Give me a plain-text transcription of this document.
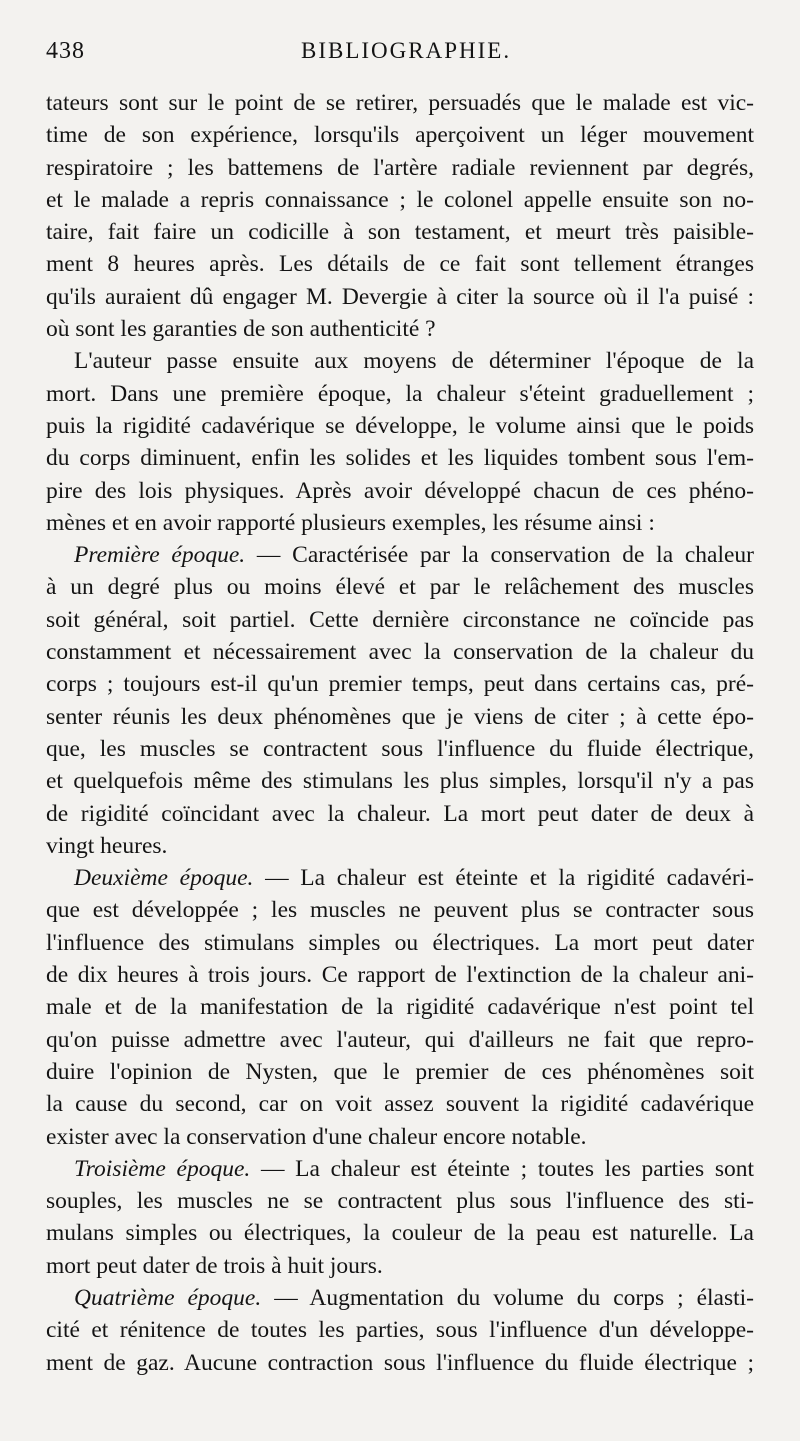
438	BIBLIOGRAPHIE.
tateurs sont sur le point de se retirer, persuadés que le malade est vic-
time de son expérience, lorsqu'ils aperçoivent un léger mouvement
respiratoire ; les battemens de l'artère radiale reviennent par degrés,
et le malade a repris connaissance ; le colonel appelle ensuite son no-
taire, fait faire un codicille à son testament, et meurt très paisible-
ment 8 heures après. Les détails de ce fait sont tellement étranges
qu'ils auraient dû engager M. Devergie à citer la source où il l'a puisé :
où sont les garanties de son authenticité ?
L'auteur passe ensuite aux moyens de déterminer l'époque de la
mort. Dans une première époque, la chaleur s'éteint graduellement ;
puis la rigidité cadavérique se développe, le volume ainsi que le poids
du corps diminuent, enfin les solides et les liquides tombent sous l'em-
pire des lois physiques. Après avoir développé chacun de ces phéno-
mènes et en avoir rapporté plusieurs exemples, les résume ainsi :
Première époque. — Caractérisée par la conservation de la chaleur
à un degré plus ou moins élevé et par le relâchement des muscles
soit général, soit partiel. Cette dernière circonstance ne coïncide pas
constamment et nécessairement avec la conservation de la chaleur du
corps ; toujours est-il qu'un premier temps, peut dans certains cas, pré-
senter réunis les deux phénomènes que je viens de citer ; à cette épo-
que, les muscles se contractent sous l'influence du fluide électrique,
et quelquefois même des stimulans les plus simples, lorsqu'il n'y a pas
de rigidité coïncidant avec la chaleur. La mort peut dater de deux à
vingt heures.
Deuxième époque. — La chaleur est éteinte et la rigidité cadavéri-
que est développée ; les muscles ne peuvent plus se contracter sous
l'influence des stimulans simples ou électriques. La mort peut dater
de dix heures à trois jours. Ce rapport de l'extinction de la chaleur ani-
male et de la manifestation de la rigidité cadavérique n'est point tel
qu'on puisse admettre avec l'auteur, qui d'ailleurs ne fait que repro-
duire l'opinion de Nysten, que le premier de ces phénomènes soit
la cause du second, car on voit assez souvent la rigidité cadavérique
exister avec la conservation d'une chaleur encore notable.
Troisième époque. — La chaleur est éteinte ; toutes les parties sont
souples, les muscles ne se contractent plus sous l'influence des sti-
mulans simples ou électriques, la couleur de la peau est naturelle. La
mort peut dater de trois à huit jours.
Quatrième époque. — Augmentation du volume du corps ; élasti-
cité et rénitence de toutes les parties, sous l'influence d'un développe-
ment de gaz. Aucune contraction sous l'influence du fluide électrique ;
